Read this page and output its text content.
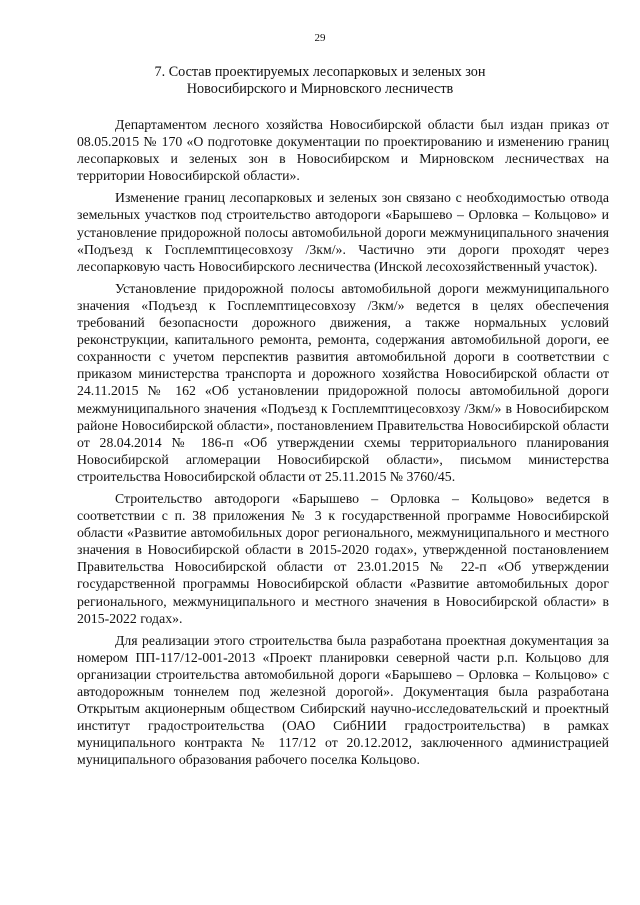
29
7. Состав проектируемых лесопарковых и зеленых зон
Новосибирского и Мирновского лесничеств

Департаментом лесного хозяйства Новосибирской области был издан приказ от 08.05.2015 № 170 «О подготовке документации по проектированию и изменению границ лесопарковых и зеленых зон в Новосибирском и Мирновском лесничествах на территории Новосибирской области».

Изменение границ лесопарковых и зеленых зон связано с необходимостью отвода земельных участков под строительство автодороги «Барышево – Орловка – Кольцово» и установление придорожной полосы автомобильной дороги межмуниципального значения «Подъезд к Гоcплемптицесовхозу /3км/». Частично эти дороги проходят через лесопарковую часть Новосибирского лесничества (Инской лесохозяйственный участок).

Установление придорожной полосы автомобильной дороги межмуниципального значения «Подъезд к Госплемптицесовхозу /3км/» ведется в целях обеспечения требований безопасности дорожного движения, а также нормальных условий реконструкции, капитального ремонта, ремонта, содержания автомобильной дороги, ее сохранности с учетом перспектив развития автомобильной дороги в соответствии с приказом министерства транспорта и дорожного хозяйства Новосибирской области от 24.11.2015 № 162 «Об установлении придорожной полосы автомобильной дороги межмуниципального значения «Подъезд к Госплемптицесовхозу /3км/» в Новосибирском районе Новосибирской области», постановлением Правительства Новосибирской области от 28.04.2014 № 186-п «Об утверждении схемы территориального планирования Новосибирской агломерации Новосибирской области», письмом министерства строительства Новосибирской области от 25.11.2015 № 3760/45.

Строительство автодороги «Барышево – Орловка – Кольцово» ведется в соответствии с п. 38 приложения № 3 к государственной программе Новосибирской области «Развитие автомобильных дорог регионального, межмуниципального и местного значения в Новосибирской области в 2015-2020 годах», утвержденной постановлением Правительства Новосибирской области от 23.01.2015 № 22-п «Об утверждении государственной программы Новосибирской области «Развитие автомобильных дорог регионального, межмуниципального и местного значения в Новосибирской области» в 2015-2022 годах».

Для реализации этого строительства была разработана проектная документация за номером ПП-117/12-001-2013 «Проект планировки северной части р.п. Кольцово для организации строительства автомобильной дороги «Барышево – Орловка – Кольцово» с автодорожным тоннелем под железной дорогой». Документация была разработана Открытым акционерным обществом Сибирский научно-исследовательский и проектный институт градостроительства (ОАО СибНИИ градостроительства) в рамках муниципального контракта № 117/12 от 20.12.2012, заключенного администрацией муниципального образования рабочего поселка Кольцово.
